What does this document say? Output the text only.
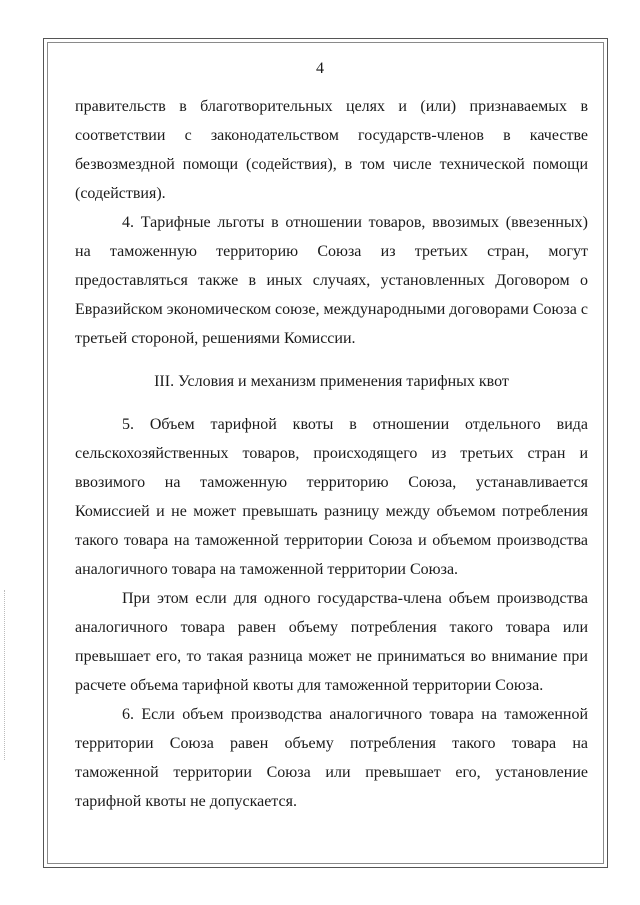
4

правительств в благотворительных целях и (или) признаваемых в соответствии с законодательством государств-членов в качестве безвозмездной помощи (содействия), в том числе технической помощи (содействия).

4. Тарифные льготы в отношении товаров, ввозимых (ввезенных) на таможенную территорию Союза из третьих стран, могут предоставляться также в иных случаях, установленных Договором о Евразийском экономическом союзе, международными договорами Союза с третьей стороной, решениями Комиссии.

III. Условия и механизм применения тарифных квот

5. Объем тарифной квоты в отношении отдельного вида сельскохозяйственных товаров, происходящего из третьих стран и ввозимого на таможенную территорию Союза, устанавливается Комиссией и не может превышать разницу между объемом потребления такого товара на таможенной территории Союза и объемом производства аналогичного товара на таможенной территории Союза.

При этом если для одного государства-члена объем производства аналогичного товара равен объему потребления такого товара или превышает его, то такая разница может не приниматься во внимание при расчете объема тарифной квоты для таможенной территории Союза.

6. Если объем производства аналогичного товара на таможенной территории Союза равен объему потребления такого товара на таможенной территории Союза или превышает его, установление тарифной квоты не допускается.
